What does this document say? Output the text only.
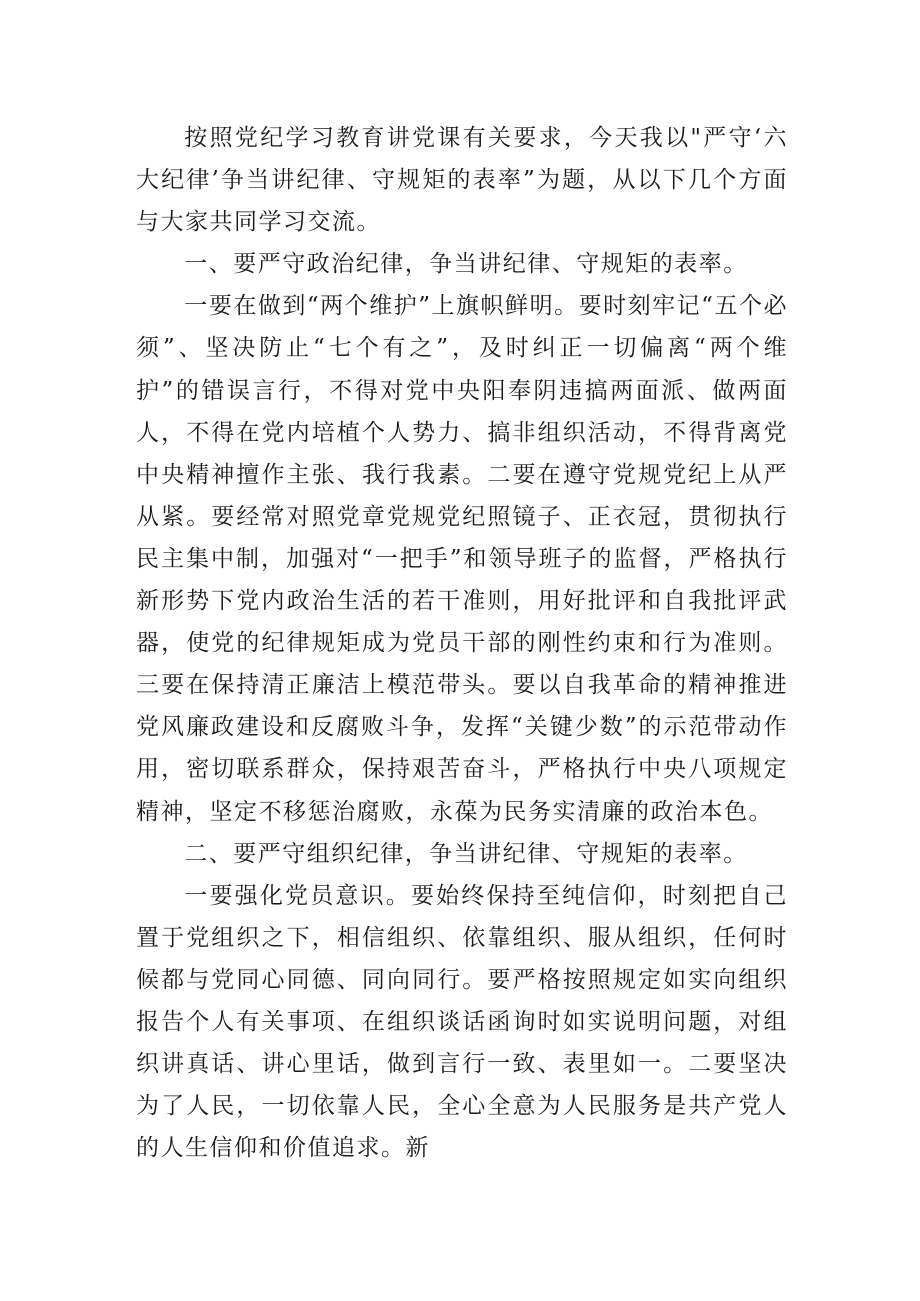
按照党纪学习教育讲党课有关要求，今天我以"严守‘六大纪律’争当讲纪律、守规矩的表率”为题，从以下几个方面与大家共同学习交流。

一、要严守政治纪律，争当讲纪律、守规矩的表率。

一要在做到“两个维护”上旗帜鲜明。要时刻牢记“五个必须”、坚决防止“七个有之”，及时纠正一切偏离“两个维护”的错误言行，不得对党中央阳奉阴违搞两面派、做两面人，不得在党内培植个人势力、搞非组织活动，不得背离党中央精神擅作主张、我行我素。二要在遵守党规党纪上从严从紧。要经常对照党章党规党纪照镜子、正衣冠，贯彻执行民主集中制，加强对“一把手”和领导班子的监督，严格执行新形势下党内政治生活的若干准则，用好批评和自我批评武器，使党的纪律规矩成为党员干部的刚性约束和行为准则。三要在保持清正廉洁上模范带头。要以自我革命的精神推进党风廉政建设和反腐败斗争，发挥“关键少数”的示范带动作用，密切联系群众，保持艰苦奋斗，严格执行中央八项规定精神，坚定不移惩治腐败，永葆为民务实清廉的政治本色。

二、要严守组织纪律，争当讲纪律、守规矩的表率。

一要强化党员意识。要始终保持至纯信仰，时刻把自己置于党组织之下，相信组织、依靠组织、服从组织，任何时候都与党同心同德、同向同行。要严格按照规定如实向组织报告个人有关事项、在组织谈话函询时如实说明问题，对组织讲真话、讲心里话，做到言行一致、表里如一。二要坚决为了人民，一切依靠人民，全心全意为人民服务是共产党人的人生信仰和价值追求。新
